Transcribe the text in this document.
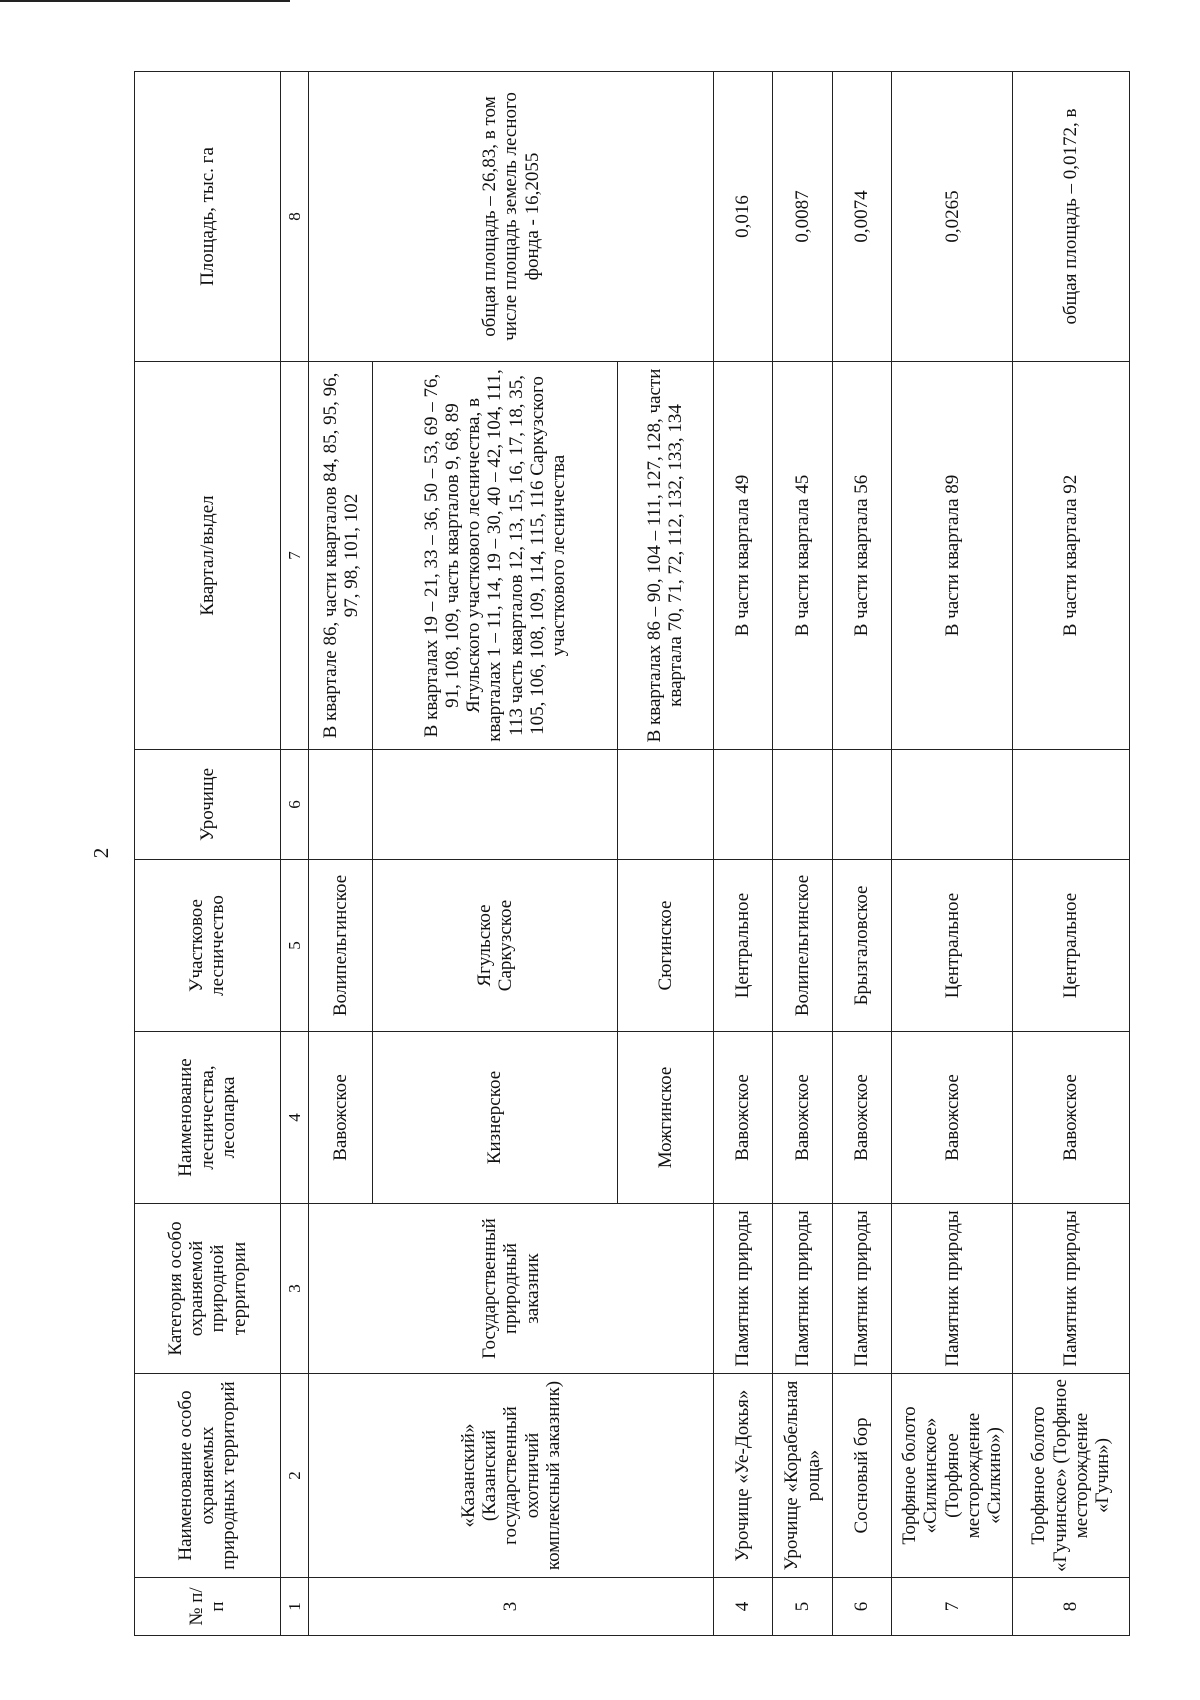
2
№ п/п	Наименование особо охраняемых природных территорий	Категория особо охраняемой природной территории	Наименование лесничества, лесопарка	Участковое лесничество	Урочище	Квартал/выдел	Площадь, тыс. га
1	2	3	4	5	6	7	8
3	«Казанский» (Казанский государственный охотничий комплексный заказник)	Государственный природный заказник	Вавожское	Волипельгинское		В квартале 86, части кварталов 84, 85, 95, 96, 97, 98, 101, 102	общая площадь – 26,83, в том числе площадь земель лесного фонда - 16,2055
			Кизнерское	Ягульское Саркузское		В кварталах 19 – 21, 33 – 36, 50 – 53, 69 – 76, 91, 108, 109, часть кварталов 9, 68, 89 Ягульского участкового лесничества, в кварталах 1 – 11, 14, 19 – 30, 40 – 42, 104, 111, 113 часть кварталов 12, 13, 15, 16, 17, 18, 35, 105, 106, 108, 109, 114, 115, 116 Саркузского участкового лесничества	
			Можгинское	Сюгинское		В кварталах 86 – 90, 104 – 111, 127, 128, части квартала 70, 71, 72, 112, 132, 133, 134	
4	Урочище «Уе-Докья»	Памятник природы	Вавожское	Центральное		В части квартала 49	0,016
5	Урочище «Корабельная роща»	Памятник природы	Вавожское	Волипельгинское		В части квартала 45	0,0087
6	Сосновый бор	Памятник природы	Вавожское	Брызгаловское		В части квартала 56	0,0074
7	Торфяное болото «Силкинское» (Торфяное месторождение «Силкино»)	Памятник природы	Вавожское	Центральное		В части квартала 89	0,0265
8	Торфяное болото «Гучинское» (Торфяное месторождение «Гучин»)	Памятник природы	Вавожское	Центральное		В части квартала 92	общая площадь – 0,0172, в
